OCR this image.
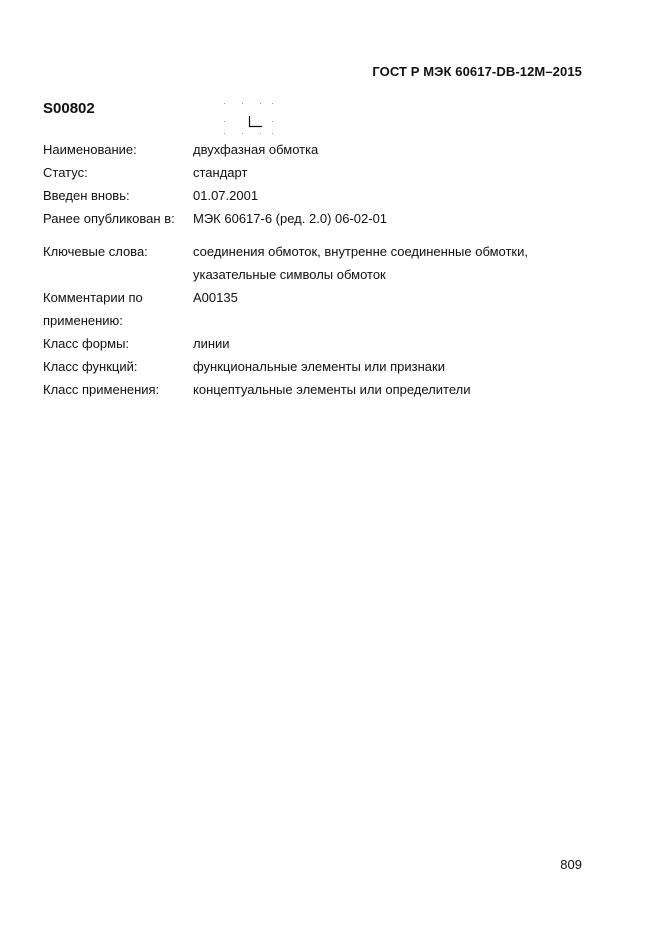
ГОСТ Р МЭК 60617-DB-12M–2015
S00802
Наименование:	двухфазная обмотка
Статус:	стандарт
Введен вновь:	01.07.2001
Ранее опубликован в: МЭК 60617-6 (ред. 2.0) 06-02-01
Ключевые слова:	соединения обмоток, внутренне соединенные обмотки,
указательные символы обмоток
Комментарии по
применению:
A00135
Класс формы:	линии
Класс функций:	функциональные элементы или признаки
Класс применения:	концептуальные элементы или определители
809
